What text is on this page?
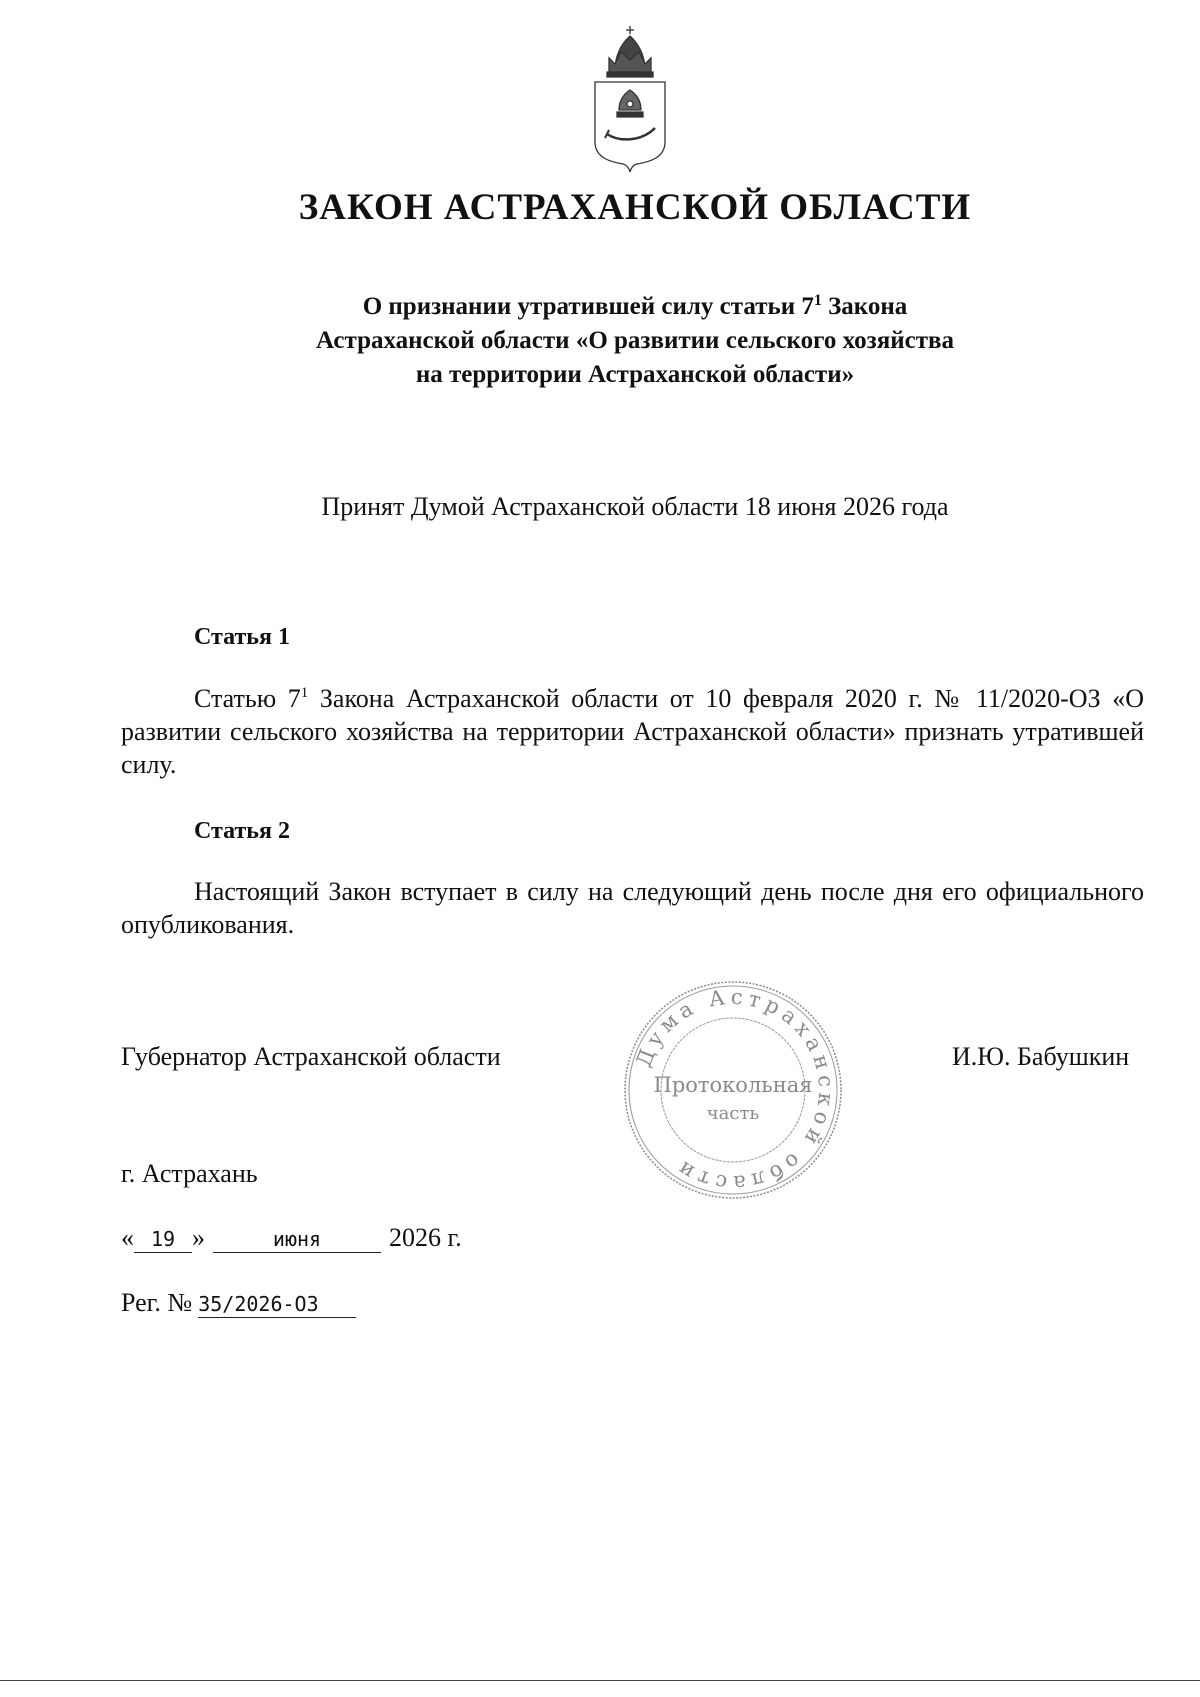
ЗАКОН АСТРАХАНСКОЙ ОБЛАСТИ
О признании утратившей силу статьи $7^1$ Закона
Астраханской области «О развитии сельского хозяйства
на территории Астраханской области»
Принят Думой Астраханской области 18 июня 2026 года
Статья 1
Статью $7^1$ Закона Астраханской области от 10 февраля 2020 г. № 11/2020-ОЗ «О развитии сельского хозяйства на территории Астраханской области» признать утратившей силу.
Статья 2
Настоящий Закон вступает в силу на следующий день после дня его официального опубликования.
Губернатор Астраханской области	И.Ю. Бабушкин
Дума Астраханской области
Протокольная
часть
г. Астрахань
« 19 »	июня	2026 г.
Рег. № 35/2026-ОЗ
